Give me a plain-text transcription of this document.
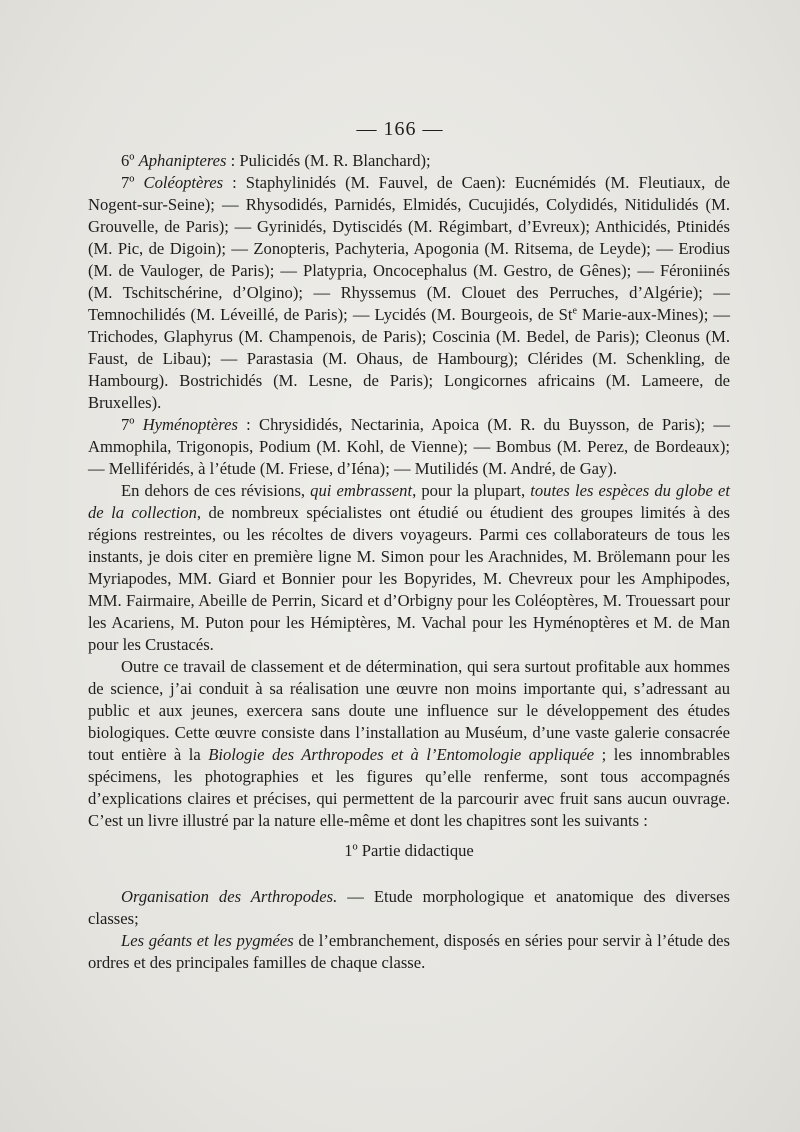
— 166 —

6º Aphanipteres : Pulicidés (M. R. Blanchard);

7º Coléoptères : Staphylinidés (M. Fauvel, de Caen): Eucnémidés (M. Fleutiaux, de Nogent-sur-Seine); — Rhysodidés, Parnidés, Elmidés, Cucujidés, Colydidés, Nitidulidés (M. Grouvelle, de Paris); — Gyrinidés, Dytiscidés (M. Régimbart, d’Evreux); Anthicidés, Ptinidés (M. Pic, de Digoin); — Zonopteris, Pachyteria, Apogonia (M. Ritsema, de Leyde); — Erodius (M. de Vauloger, de Paris); — Platypria, Oncocephalus (M. Gestro, de Gênes); — Féroniinés (M. Tschitschérine, d’Olgino); — Rhyssemus (M. Clouet des Perruches, d’Algérie); — Temnochilidés (M. Léveillé, de Paris); — Lycidés (M. Bourgeois, de St$^e$ Marie-aux-Mines); — Trichodes, Glaphyrus (M. Champenois, de Paris); Coscinia (M. Bedel, de Paris); Cleonus (M. Faust, de Libau); — Parastasia (M. Ohaus, de Hambourg); Clérides (M. Schenkling, de Hambourg). Bostrichidés (M. Lesne, de Paris); Longicornes africains (M. Lameere, de Bruxelles).

7º Hyménoptères : Chrysididés, Nectarinia, Apoica (M. R. du Buysson, de Paris); — Ammophila, Trigonopis, Podium (M. Kohl, de Vienne); — Bombus (M. Perez, de Bordeaux); — Melliféridés, à l’étude (M. Friese, d’Iéna); — Mutilidés (M. André, de Gay).

En dehors de ces révisions, qui embrassent, pour la plupart, toutes les espèces du globe et de la collection, de nombreux spécialistes ont étudié ou étudient des groupes limités à des régions restreintes, ou les récoltes de divers voyageurs. Parmi ces collaborateurs de tous les instants, je dois citer en première ligne M. Simon pour les Arachnides, M. Brölemann pour les Myriapodes, MM. Giard et Bonnier pour les Bopyrides, M. Chevreux pour les Amphipodes, MM. Fairmaire, Abeille de Perrin, Sicard et d’Orbigny pour les Coléoptères, M. Trouessart pour les Acariens, M. Puton pour les Hémiptères, M. Vachal pour les Hyménoptères et M. de Man pour les Crustacés.

Outre ce travail de classement et de détermination, qui sera surtout profitable aux hommes de science, j’ai conduit à sa réalisation une œuvre non moins importante qui, s’adressant au public et aux jeunes, exercera sans doute une influence sur le développement des études biologiques. Cette œuvre consiste dans l’installation au Muséum, d’une vaste galerie consacrée tout entière à la Biologie des Arthropodes et à l’Entomologie appliquée ; les innombrables spécimens, les photographies et les figures qu’elle renferme, sont tous accompagnés d’explications claires et précises, qui permettent de la parcourir avec fruit sans aucun ouvrage. C’est un livre illustré par la nature elle-même et dont les chapitres sont les suivants :

1º Partie didactique

Organisation des Arthropodes. — Etude morphologique et anatomique des diverses classes;

Les géants et les pygmées de l’embranchement, disposés en séries pour servir à l’étude des ordres et des principales familles de chaque classe.
